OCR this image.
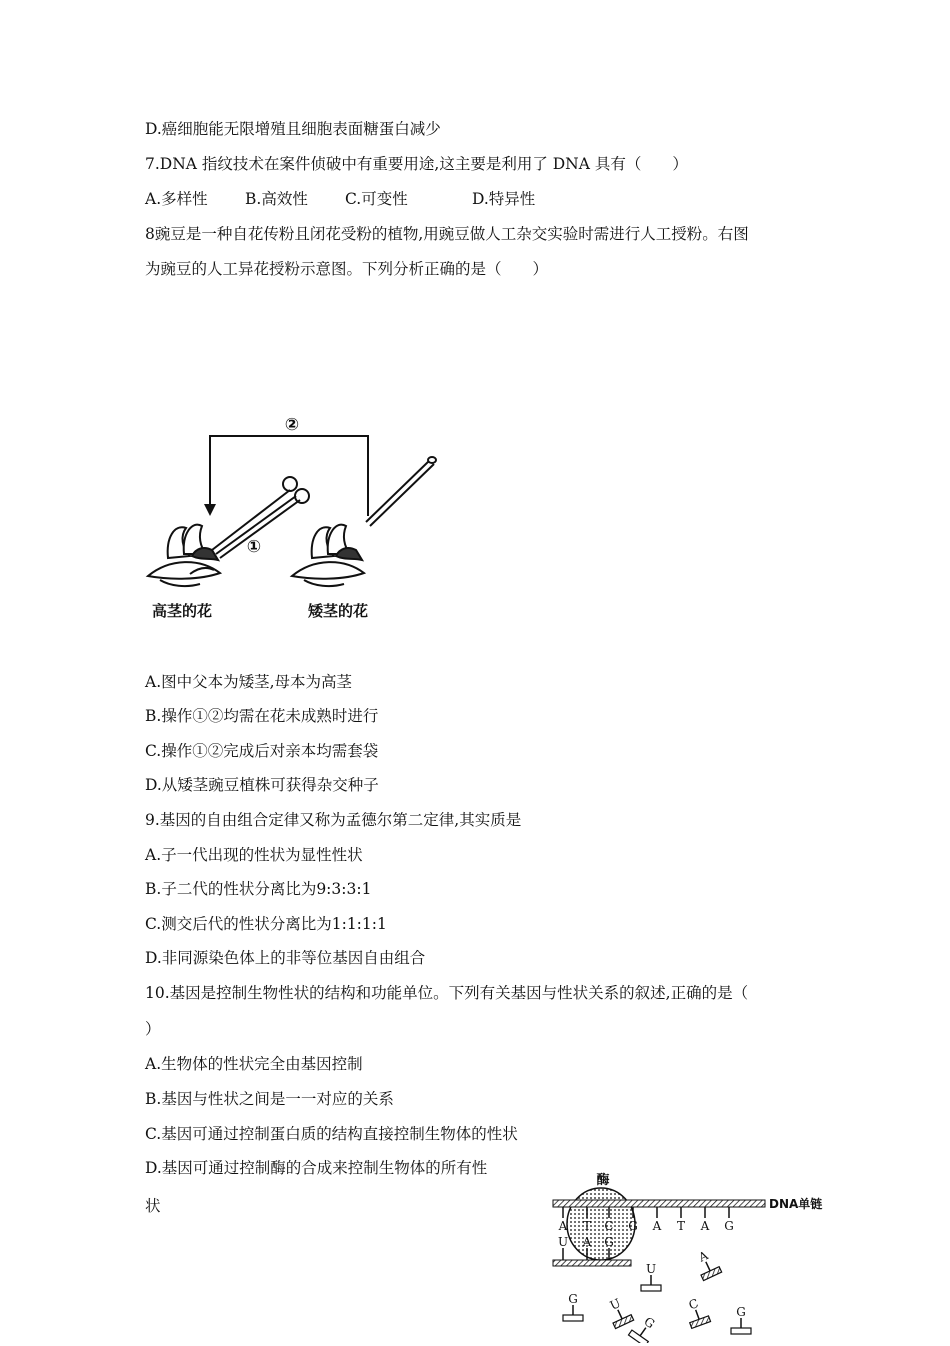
D.癌细胞能无限增殖且细胞表面糖蛋白减少
7.DNA 指纹技术在案件侦破中有重要用途,这主要是利用了 DNA 具有（　　）
A.多样性 B.高效性 C.可变性	D.特异性
8豌豆是一种自花传粉且闭花受粉的植物,用豌豆做人工杂交实验时需进行人工授粉。右图
为豌豆的人工异花授粉示意图。下列分析正确的是（　　）
②
①
高茎的花	矮茎的花
A.图中父本为矮茎,母本为高茎
B.操作①②均需在花未成熟时进行
C.操作①②完成后对亲本均需套袋
D.从矮茎豌豆植株可获得杂交种子
9.基因的自由组合定律又称为孟德尔第二定律,其实质是
A.子一代出现的性状为显性性状
B.子二代的性状分离比为9:3:3:1
C.测交后代的性状分离比为1:1:1:1
D.非同源染色体上的非等位基因自由组合
10.基因是控制生物性状的结构和功能单位。下列有关基因与性状关系的叙述,正确的是（
）
A.生物体的性状完全由基因控制
B.基因与性状之间是一一对应的关系
C.基因可通过控制蛋白质的结构直接控制生物体的性状
D.基因可通过控制酶的合成来控制生物体的所有性
状
酶
DNA单链
A T C G A T A G
U A G
U
A
G U
G
C	G
